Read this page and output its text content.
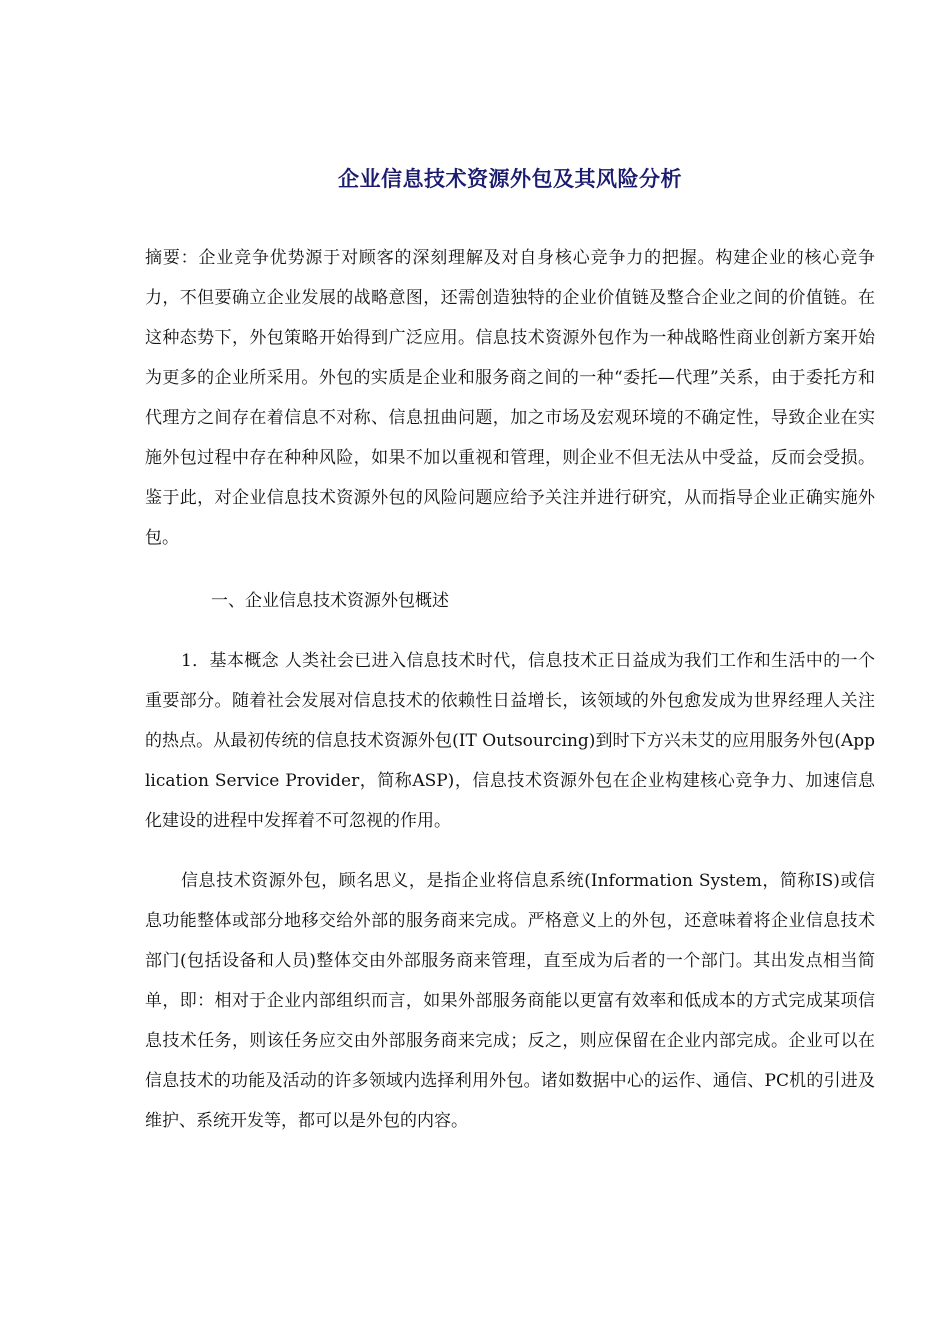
企业信息技术资源外包及其风险分析

摘要：企业竞争优势源于对顾客的深刻理解及对自身核心竞争力的把握。构建企业的核心竞争力，不但要确立企业发展的战略意图，还需创造独特的企业价值链及整合企业之间的价值链。在这种态势下，外包策略开始得到广泛应用。信息技术资源外包作为一种战略性商业创新方案开始为更多的企业所采用。外包的实质是企业和服务商之间的一种“委托—代理”关系，由于委托方和代理方之间存在着信息不对称、信息扭曲问题，加之市场及宏观环境的不确定性，导致企业在实施外包过程中存在种种风险，如果不加以重视和管理，则企业不但无法从中受益，反而会受损。鉴于此，对企业信息技术资源外包的风险问题应给予关注并进行研究，从而指导企业正确实施外包。

一、企业信息技术资源外包概述

1．基本概念 人类社会已进入信息技术时代，信息技术正日益成为我们工作和生活中的一个重要部分。随着社会发展对信息技术的依赖性日益增长，该领域的外包愈发成为世界经理人关注的热点。从最初传统的信息技术资源外包(IT Outsourcing)到时下方兴未艾的应用服务外包(Application Service Provider，简称ASP)，信息技术资源外包在企业构建核心竞争力、加速信息化建设的进程中发挥着不可忽视的作用。

信息技术资源外包，顾名思义，是指企业将信息系统(Information System，简称IS)或信息功能整体或部分地移交给外部的服务商来完成。严格意义上的外包，还意味着将企业信息技术部门(包括设备和人员)整体交由外部服务商来管理，直至成为后者的一个部门。其出发点相当简单，即：相对于企业内部组织而言，如果外部服务商能以更富有效率和低成本的方式完成某项信息技术任务，则该任务应交由外部服务商来完成；反之，则应保留在企业内部完成。企业可以在信息技术的功能及活动的许多领域内选择利用外包。诸如数据中心的运作、通信、PC机的引进及维护、系统开发等，都可以是外包的内容。
